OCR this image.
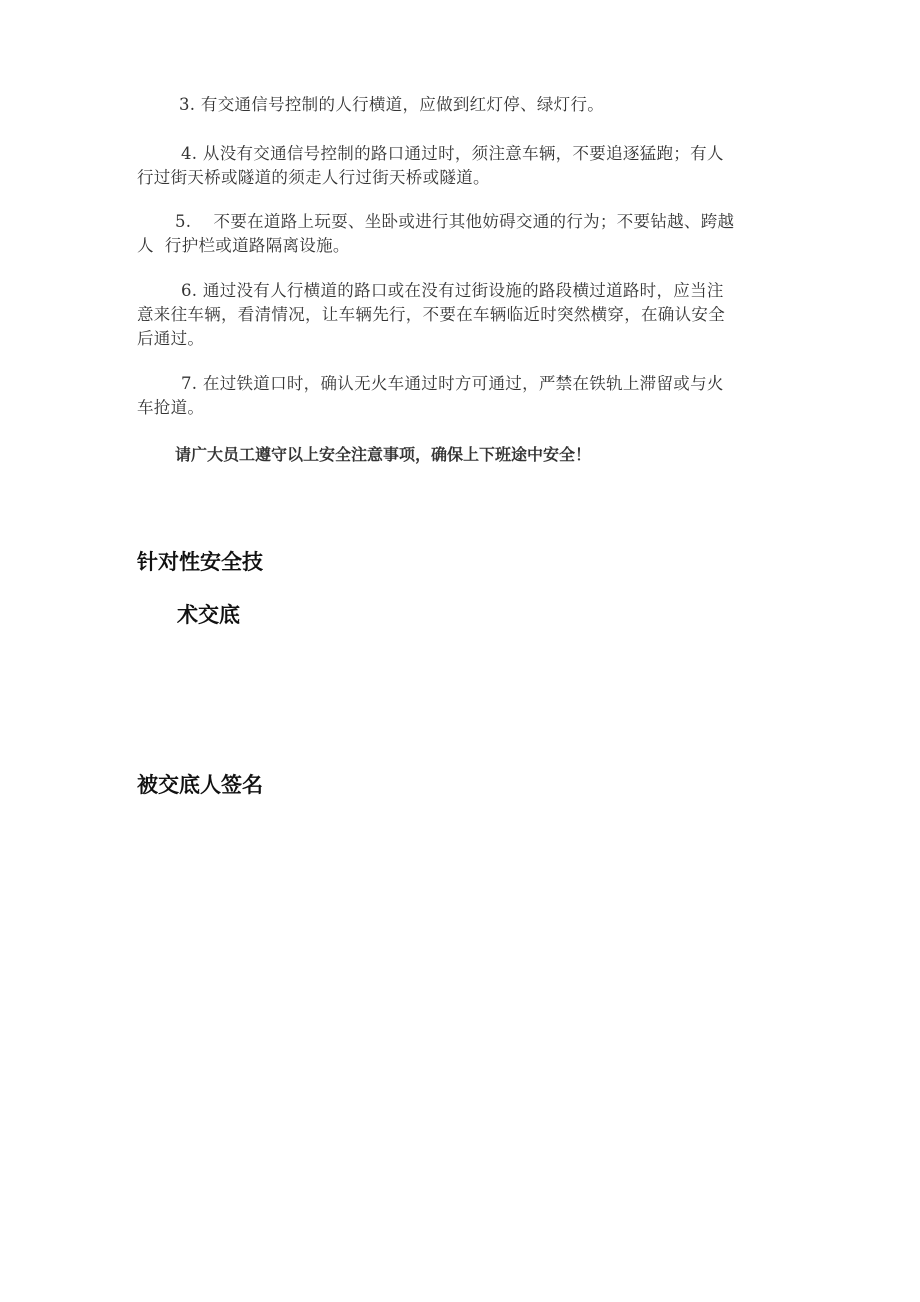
3. 有交通信号控制的人行横道，应做到红灯停、绿灯行。
4. 从没有交通信号控制的路口通过时，须注意车辆，不要追逐猛跑；有人
行过街天桥或隧道的须走人行过街天桥或隧道。
5.    不要在道路上玩耍、坐卧或进行其他妨碍交通的行为；不要钻越、跨越
人  行护栏或道路隔离设施。
6. 通过没有人行横道的路口或在没有过街设施的路段横过道路时，应当注
意来往车辆，看清情况，让车辆先行，不要在车辆临近时突然横穿，在确认安全
后通过。
7. 在过铁道口时，确认无火车通过时方可通过，严禁在铁轨上滞留或与火
车抢道。

请广大员工遵守以上安全注意事项，确保上下班途中安全！

针对性安全技

术交底

被交底人签名
